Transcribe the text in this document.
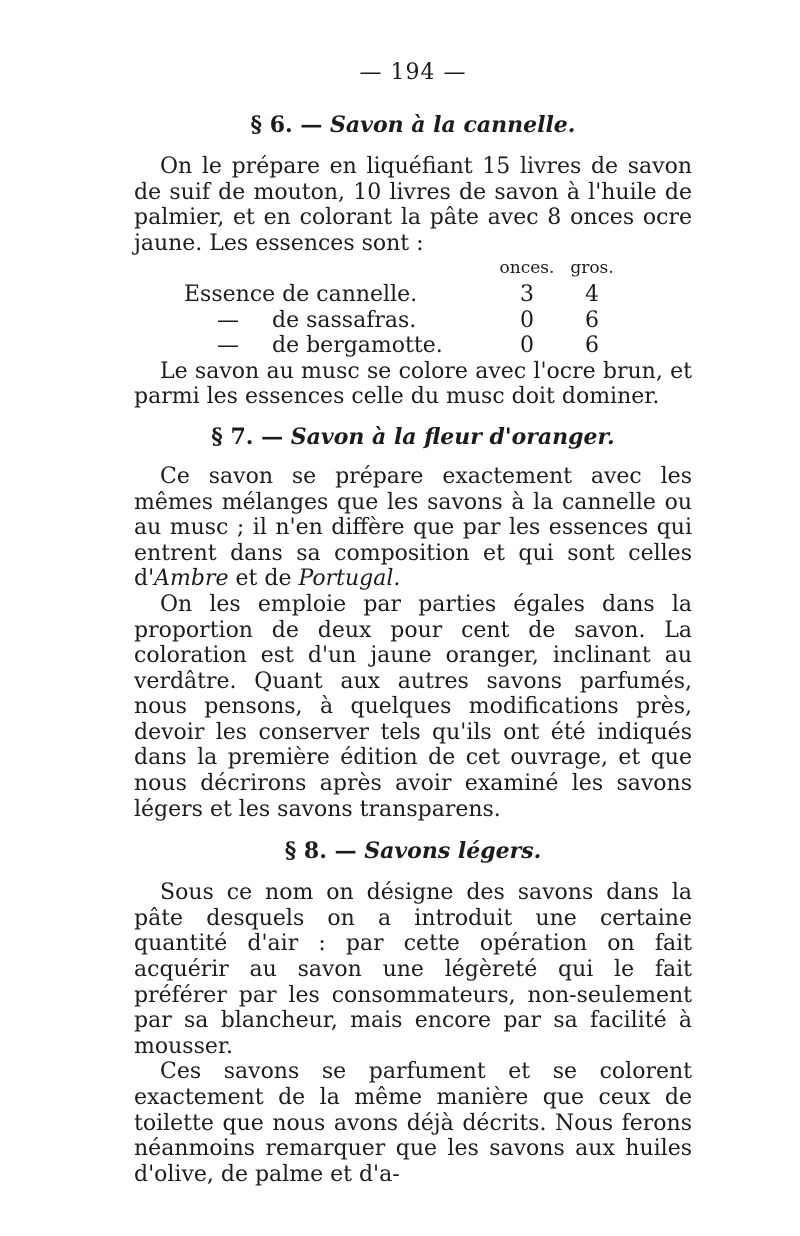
— 194 —
§ 6. — Savon à la cannelle.

On le prépare en liquéfiant 15 livres de savon de suif de mouton, 10 livres de savon à l'huile de palmier, et en colorant la pâte avec 8 onces ocre jaune. Les essences sont :

		onces.	gros.
Essence de cannelle.		3	4
—	de sassafras.	0	6
—	de bergamotte.	0	6

Le savon au musc se colore avec l'ocre brun, et parmi les essences celle du musc doit dominer.

§ 7. — Savon à la fleur d'oranger.

Ce savon se prépare exactement avec les mêmes mélanges que les savons à la cannelle ou au musc ; il n'en diffère que par les essences qui entrent dans sa composition et qui sont celles d'Ambre et de Portugal.

On les emploie par parties égales dans la proportion de deux pour cent de savon. La coloration est d'un jaune oranger, inclinant au verdâtre. Quant aux autres savons parfumés, nous pensons, à quelques modifications près, devoir les conserver tels qu'ils ont été indiqués dans la première édition de cet ouvrage, et que nous décrirons après avoir examiné les savons légers et les savons transparens.

§ 8. — Savons légers.

Sous ce nom on désigne des savons dans la pâte desquels on a introduit une certaine quantité d'air : par cette opération on fait acquérir au savon une légèreté qui le fait préférer par les consommateurs, non-seulement par sa blancheur, mais encore par sa facilité à mousser.

Ces savons se parfument et se colorent exactement de la même manière que ceux de toilette que nous avons déjà décrits. Nous ferons néanmoins remarquer que les savons aux huiles d'olive, de palme et d'a-
